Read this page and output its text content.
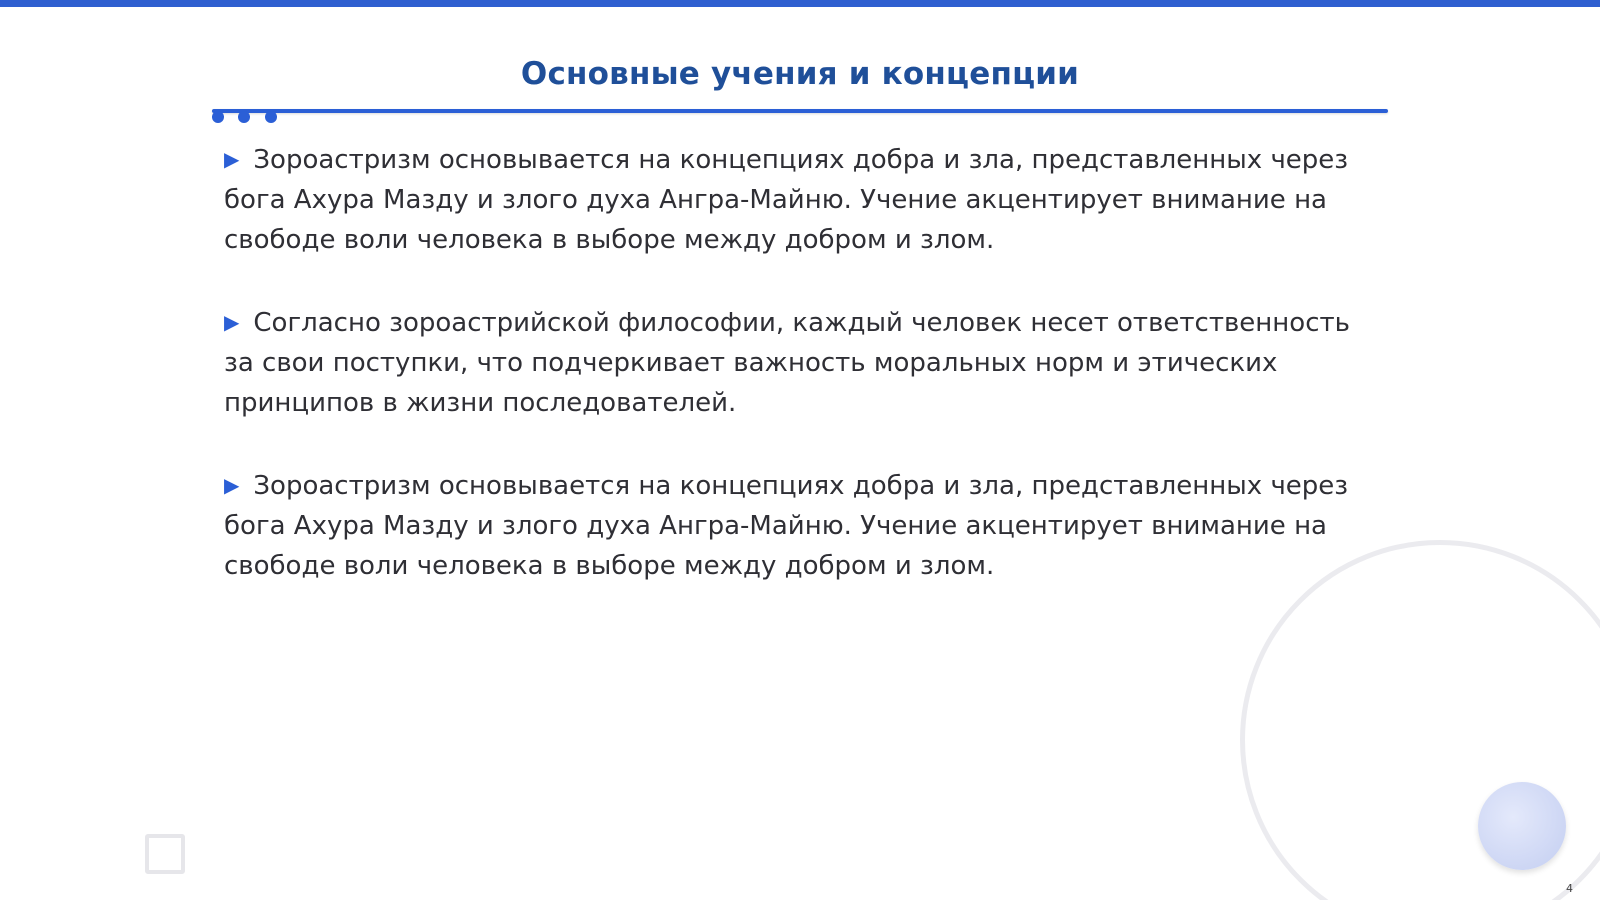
Основные учения и концепции

▶ Зороастризм основывается на концепциях добра и зла, представленных через бога Ахура Мазду и злого духа Ангра-Майню. Учение акцентирует внимание на свободе воли человека в выборе между добром и злом.

▶ Согласно зороастрийской философии, каждый человек несет ответственность за свои поступки, что подчеркивает важность моральных норм и этических принципов в жизни последователей.

▶ Зороастризм основывается на концепциях добра и зла, представленных через бога Ахура Мазду и злого духа Ангра-Майню. Учение акцентирует внимание на свободе воли человека в выборе между добром и злом.

4
